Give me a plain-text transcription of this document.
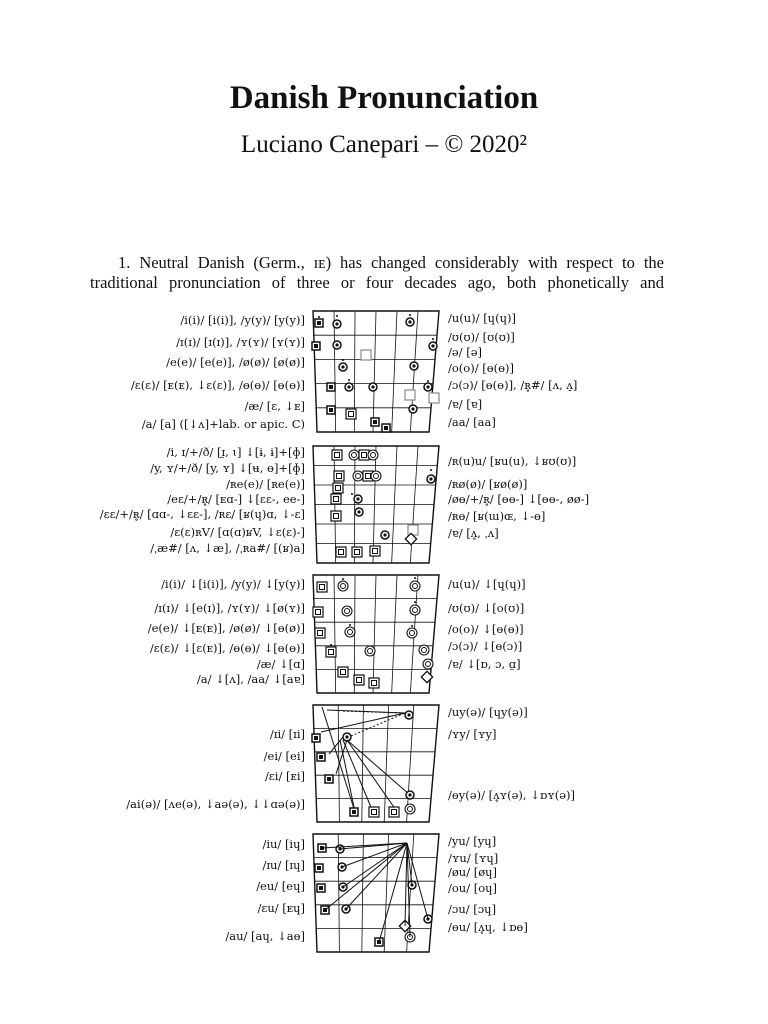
Danish Pronunciation
Luciano Canepari – © 2020²
1. Neutral Danish (Germ., ɪᴇ) has changed considerably with respect to the
traditional pronunciation of three or four decades ago, both phonetically and
/i(i)/ [i(i)], /y(y)/ [y(y)]
/ɪ(ɪ)/ [ɪ(ɪ)], /ʏ(ʏ)/ [ʏ(ʏ)]
/e(e)/ [e(e)], /ø(ø)/ [ø(ø)]
/ɛ(ɛ)/ [ᴇ(ᴇ), ↓ɛ(ɛ)], /ɵ(ɵ)/ [ɵ(ɵ)]
/æ/ [ɛ, ↓ᴇ]
/a/ [a] ([↓ʌ]+lab. or apic. C)
/u(u)/ [ɥ(ɥ)]
/ʊ(ʊ)/ [ʊ(ʊ)]
/ə/ [ə]
/o(o)/ [ɵ(ɵ)]
/ɔ(ɔ)/ [ɵ(ɵ)], /ʀ̥#/ [ʌ, ʌ̠]
/ɐ/ [ɐ]
/aa/ [aa]
/i, ɪ/+/ð/ [ɪ̯, ɩ] ↓[ɨ, ɨ]+[ɸ]
/y, ʏ/+/ð/ [y, ʏ] ↓[ʉ, ɵ]+[ɸ]
/ʀe(e)/ [ʀe(e)]
/eɛ/+/ʀ̥/ [ᴇɑ-] ↓[ɛɛ-, ee-]
/ɛɛ/+/ʀ̥/ [ɑɑ-, ↓ɛɛ-], /ʀɛ/ [ʁ(ɥ)ɑ, ↓-ɛ]
/ɛ(ɛ)ʀV/ [ɑ(ɑ)ʁV, ↓ɛ(ɛ)-]
/ˌæ#/ [ʌ, ↓æ], /ˌʀa#/ [(ʁ)a]
/ʀ(u)u/ [ʁu(u), ↓ʁʊ(ʊ)]
/ʀø(ø)/ [ʁø(ø)]
/øɵ/+/ʀ̥/ [ɵɵ-] ↓[ɵɵ-, øø-]
/ʀɵ/ [ʁ(ɯ)ɶ, ↓-ɵ]
/ɐ/ [ʌ̥, ˌʌ]
/i(i)/ ↓[i(i)], /y(y)/ ↓[y(y)]
/ɪ(ɪ)/ ↓[e(ɪ)], /ʏ(ʏ)/ ↓[ø(ʏ)]
/e(e)/ ↓[ᴇ(ᴇ)], /ø(ø)/ ↓[ɵ(ø)]
/ɛ(ɛ)/ ↓[ɛ(ᴇ)], /ɵ(ɵ)/ ↓[ɵ(ɵ)]
/æ/ ↓[ɑ]
/a/ ↓[ʌ], /aa/ ↓[aɐ]
/u(u)/ ↓[ɥ(ɥ)]
/ʊ(ʊ)/ ↓[o(ʊ)]
/o(o)/ ↓[ɵ(ɵ)]
/ɔ(ɔ)/ ↓[ɵ(ɔ)]
/ɐ/ ↓[ɒ, ɔ, ɑ̯]
/ɪi/ [ɪi]
/ei/ [ei]
/ɛi/ [ᴇi]
/ai(ə)/ [ʌe(ə), ↓aə(ə), ↓↓ɑə(ə)]
/uy(ə)/ [ɥy(ə)]
/ʏy/ [ʏy]
/ɵy(ə)/ [ʌ̥ʏ(ə), ↓ɒʏ(ə)]
/iu/ [iɥ]
/ɪu/ [ɪɥ]
/eu/ [eɥ]
/ɛu/ [ᴇɥ]
/au/ [aɥ, ↓aɵ]
/yu/ [yɥ]
/ʏu/ [ʏɥ]
/øu/ [øɥ]
/ou/ [oɥ]
/ɔu/ [ɔɥ]
/ɵu/ [ʌ̥ɥ, ↓ɒɵ]
